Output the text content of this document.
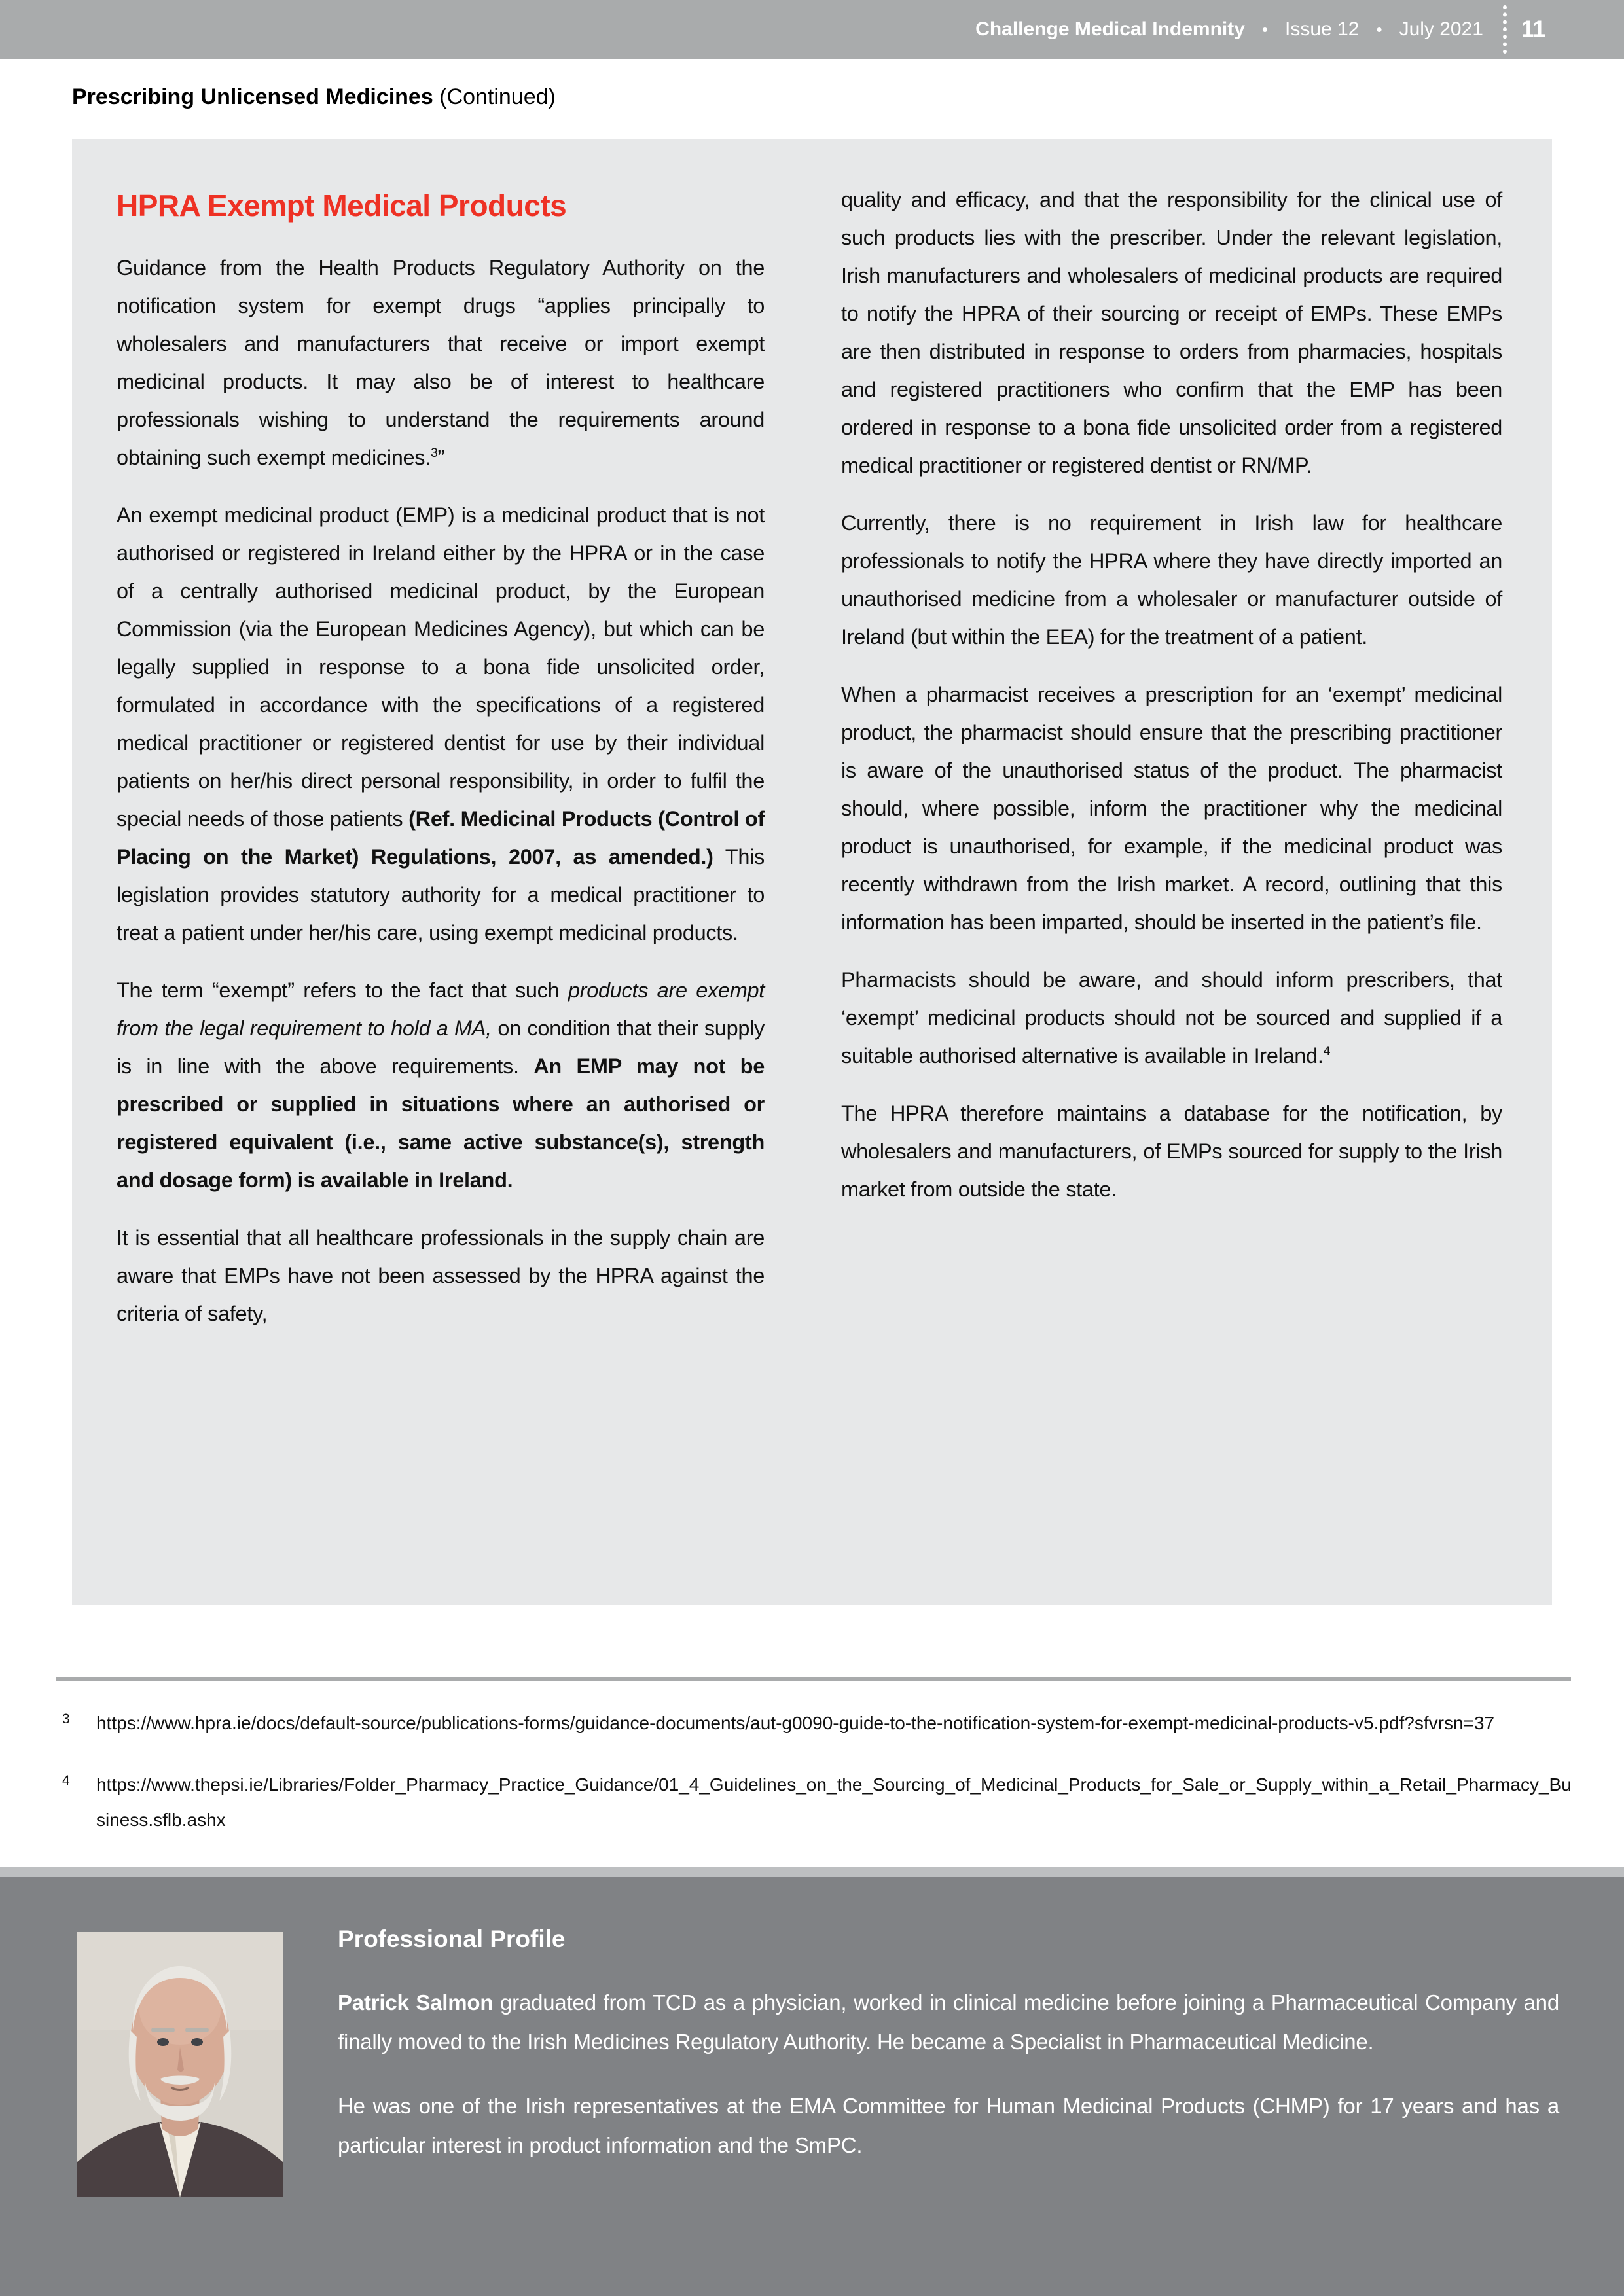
Challenge Medical Indemnity • Issue 12 • July 2021 11
Prescribing Unlicensed Medicines (Continued)
HPRA Exempt Medical Products

Guidance from the Health Products Regulatory Authority on the notification system for exempt drugs “applies principally to wholesalers and manufacturers that receive or import exempt medicinal products. It may also be of interest to healthcare professionals wishing to understand the requirements around obtaining such exempt medicines.$^3$”

An exempt medicinal product (EMP) is a medicinal product that is not authorised or registered in Ireland either by the HPRA or in the case of a centrally authorised medicinal product, by the European Commission (via the European Medicines Agency), but which can be legally supplied in response to a bona fide unsolicited order, formulated in accordance with the specifications of a registered medical practitioner or registered dentist for use by their individual patients on her/his direct personal responsibility, in order to fulfil the special needs of those patients (Ref. Medicinal Products (Control of Placing on the Market) Regulations, 2007, as amended.) This legislation provides statutory authority for a medical practitioner to treat a patient under her/his care, using exempt medicinal products.

The term “exempt” refers to the fact that such products are exempt from the legal requirement to hold a MA, on condition that their supply is in line with the above requirements. An EMP may not be prescribed or supplied in situations where an authorised or registered equivalent (i.e., same active substance(s), strength and dosage form) is available in Ireland.

It is essential that all healthcare professionals in the supply chain are aware that EMPs have not been assessed by the HPRA against the criteria of safety,

quality and efficacy, and that the responsibility for the clinical use of such products lies with the prescriber. Under the relevant legislation, Irish manufacturers and wholesalers of medicinal products are required to notify the HPRA of their sourcing or receipt of EMPs. These EMPs are then distributed in response to orders from pharmacies, hospitals and registered practitioners who confirm that the EMP has been ordered in response to a bona fide unsolicited order from a registered medical practitioner or registered dentist or RN/MP.

Currently, there is no requirement in Irish law for healthcare professionals to notify the HPRA where they have directly imported an unauthorised medicine from a wholesaler or manufacturer outside of Ireland (but within the EEA) for the treatment of a patient.

When a pharmacist receives a prescription for an ‘exempt’ medicinal product, the pharmacist should ensure that the prescribing practitioner is aware of the unauthorised status of the product. The pharmacist should, where possible, inform the practitioner why the medicinal product is unauthorised, for example, if the medicinal product was recently withdrawn from the Irish market. A record, outlining that this information has been imparted, should be inserted in the patient’s file.

Pharmacists should be aware, and should inform prescribers, that ‘exempt’ medicinal products should not be sourced and supplied if a suitable authorised alternative is available in Ireland.$^4$

The HPRA therefore maintains a database for the notification, by wholesalers and manufacturers, of EMPs sourced for supply to the Irish market from outside the state.

3 https://www.hpra.ie/docs/default-source/publications-forms/guidance-documents/aut-g0090-guide-to-the-notification-system-for-exempt-medicinal-products-v5.pdf?sfvrsn=37
4 https://www.thepsi.ie/Libraries/Folder_Pharmacy_Practice_Guidance/01_4_Guidelines_on_the_Sourcing_of_Medicinal_Products_for_Sale_or_Supply_within_a_Retail_Pharmacy_Business.sflb.ashx
Professional Profile

Patrick Salmon graduated from TCD as a physician, worked in clinical medicine before joining a Pharmaceutical Company and finally moved to the Irish Medicines Regulatory Authority. He became a Specialist in Pharmaceutical Medicine.

He was one of the Irish representatives at the EMA Committee for Human Medicinal Products (CHMP) for 17 years and has a particular interest in product information and the SmPC.
